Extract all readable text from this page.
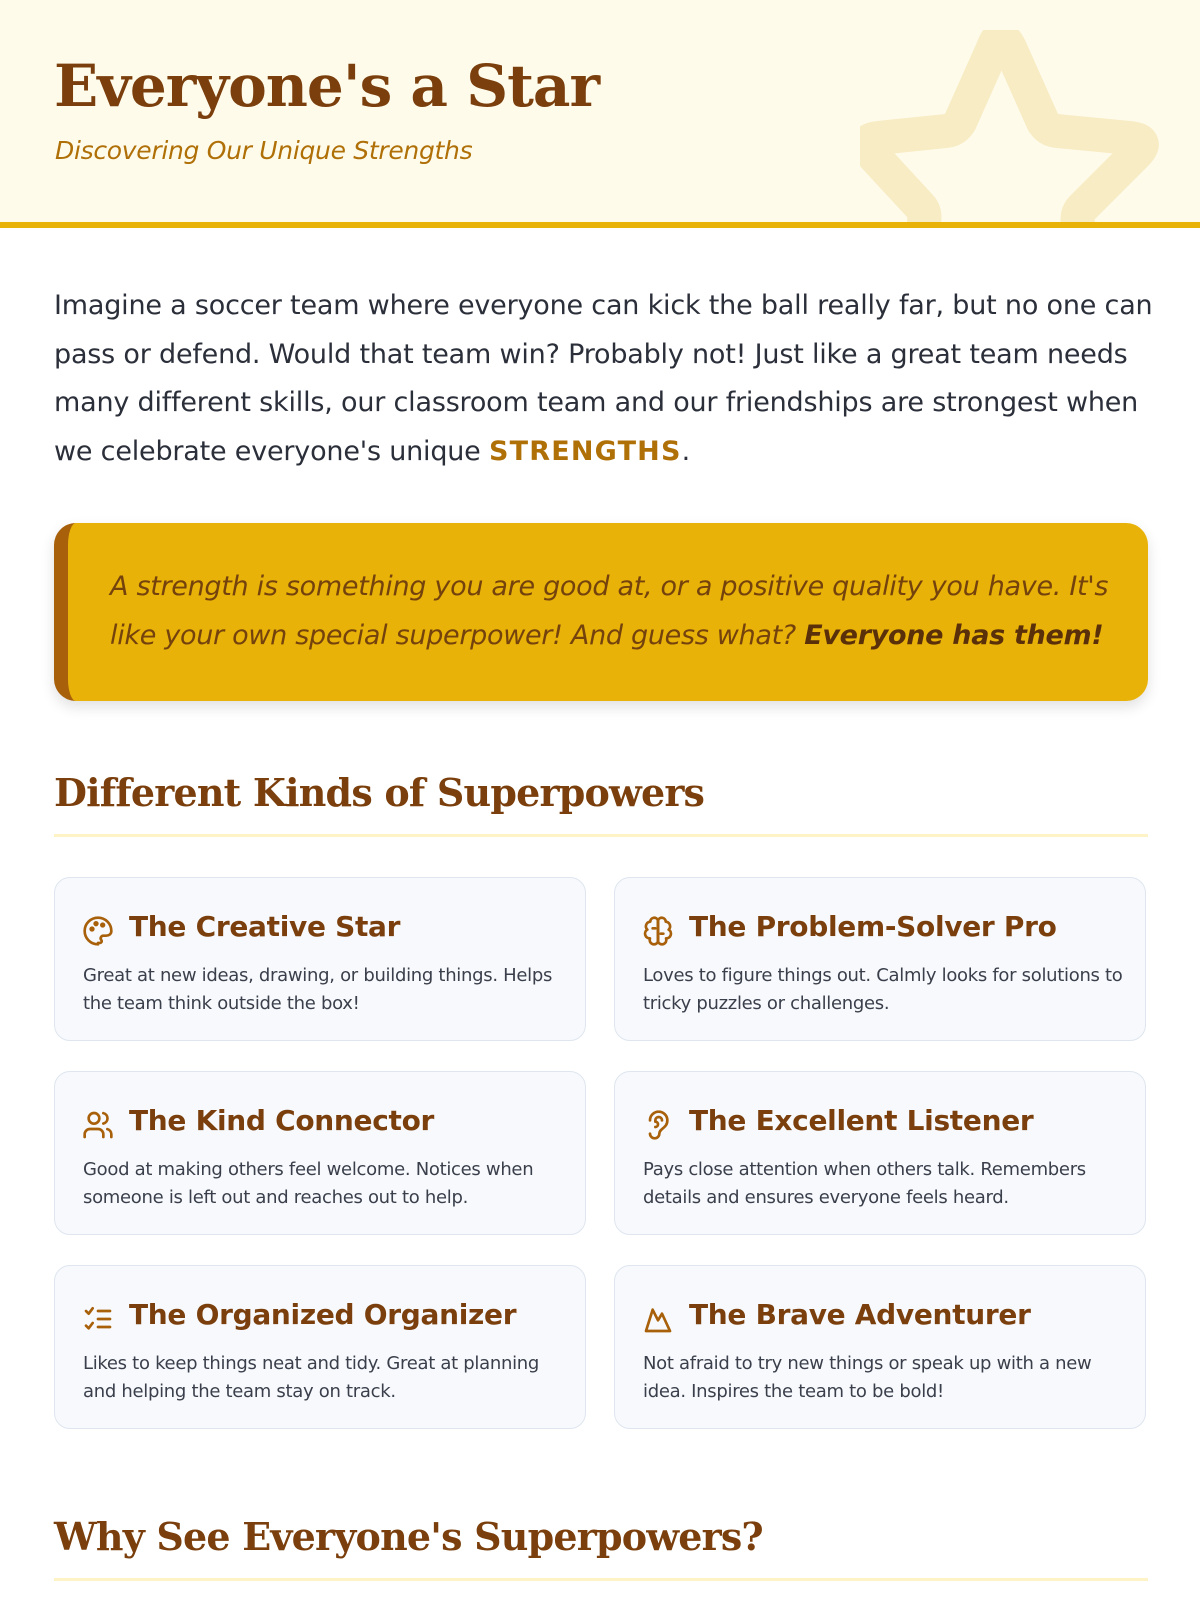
Everyone's a Star
Discovering Our Unique Strengths

Imagine a soccer team where everyone can kick the ball really far, but no one can pass or defend. Would that team win? Probably not! Just like a great team needs many different skills, our classroom team and our friendships are strongest when we celebrate everyone's unique STRENGTHS.

A strength is something you are good at, or a positive quality you have. It's like your own special superpower! And guess what? Everyone has them!
Different Kinds of Superpowers
The Creative Star

Great at new ideas, drawing, or building things. Helps the team think outside the box!

The Problem-Solver Pro

Loves to figure things out. Calmly looks for solutions to tricky puzzles or challenges.

The Kind Connector

Good at making others feel welcome. Notices when someone is left out and reaches out to help.

The Excellent Listener

Pays close attention when others talk. Remembers details and ensures everyone feels heard.

The Organized Organizer

Likes to keep things neat and tidy. Great at planning and helping the team stay on track.

The Brave Adventurer

Not afraid to try new things or speak up with a new idea. Inspires the team to be bold!

Why See Everyone's Superpowers?
